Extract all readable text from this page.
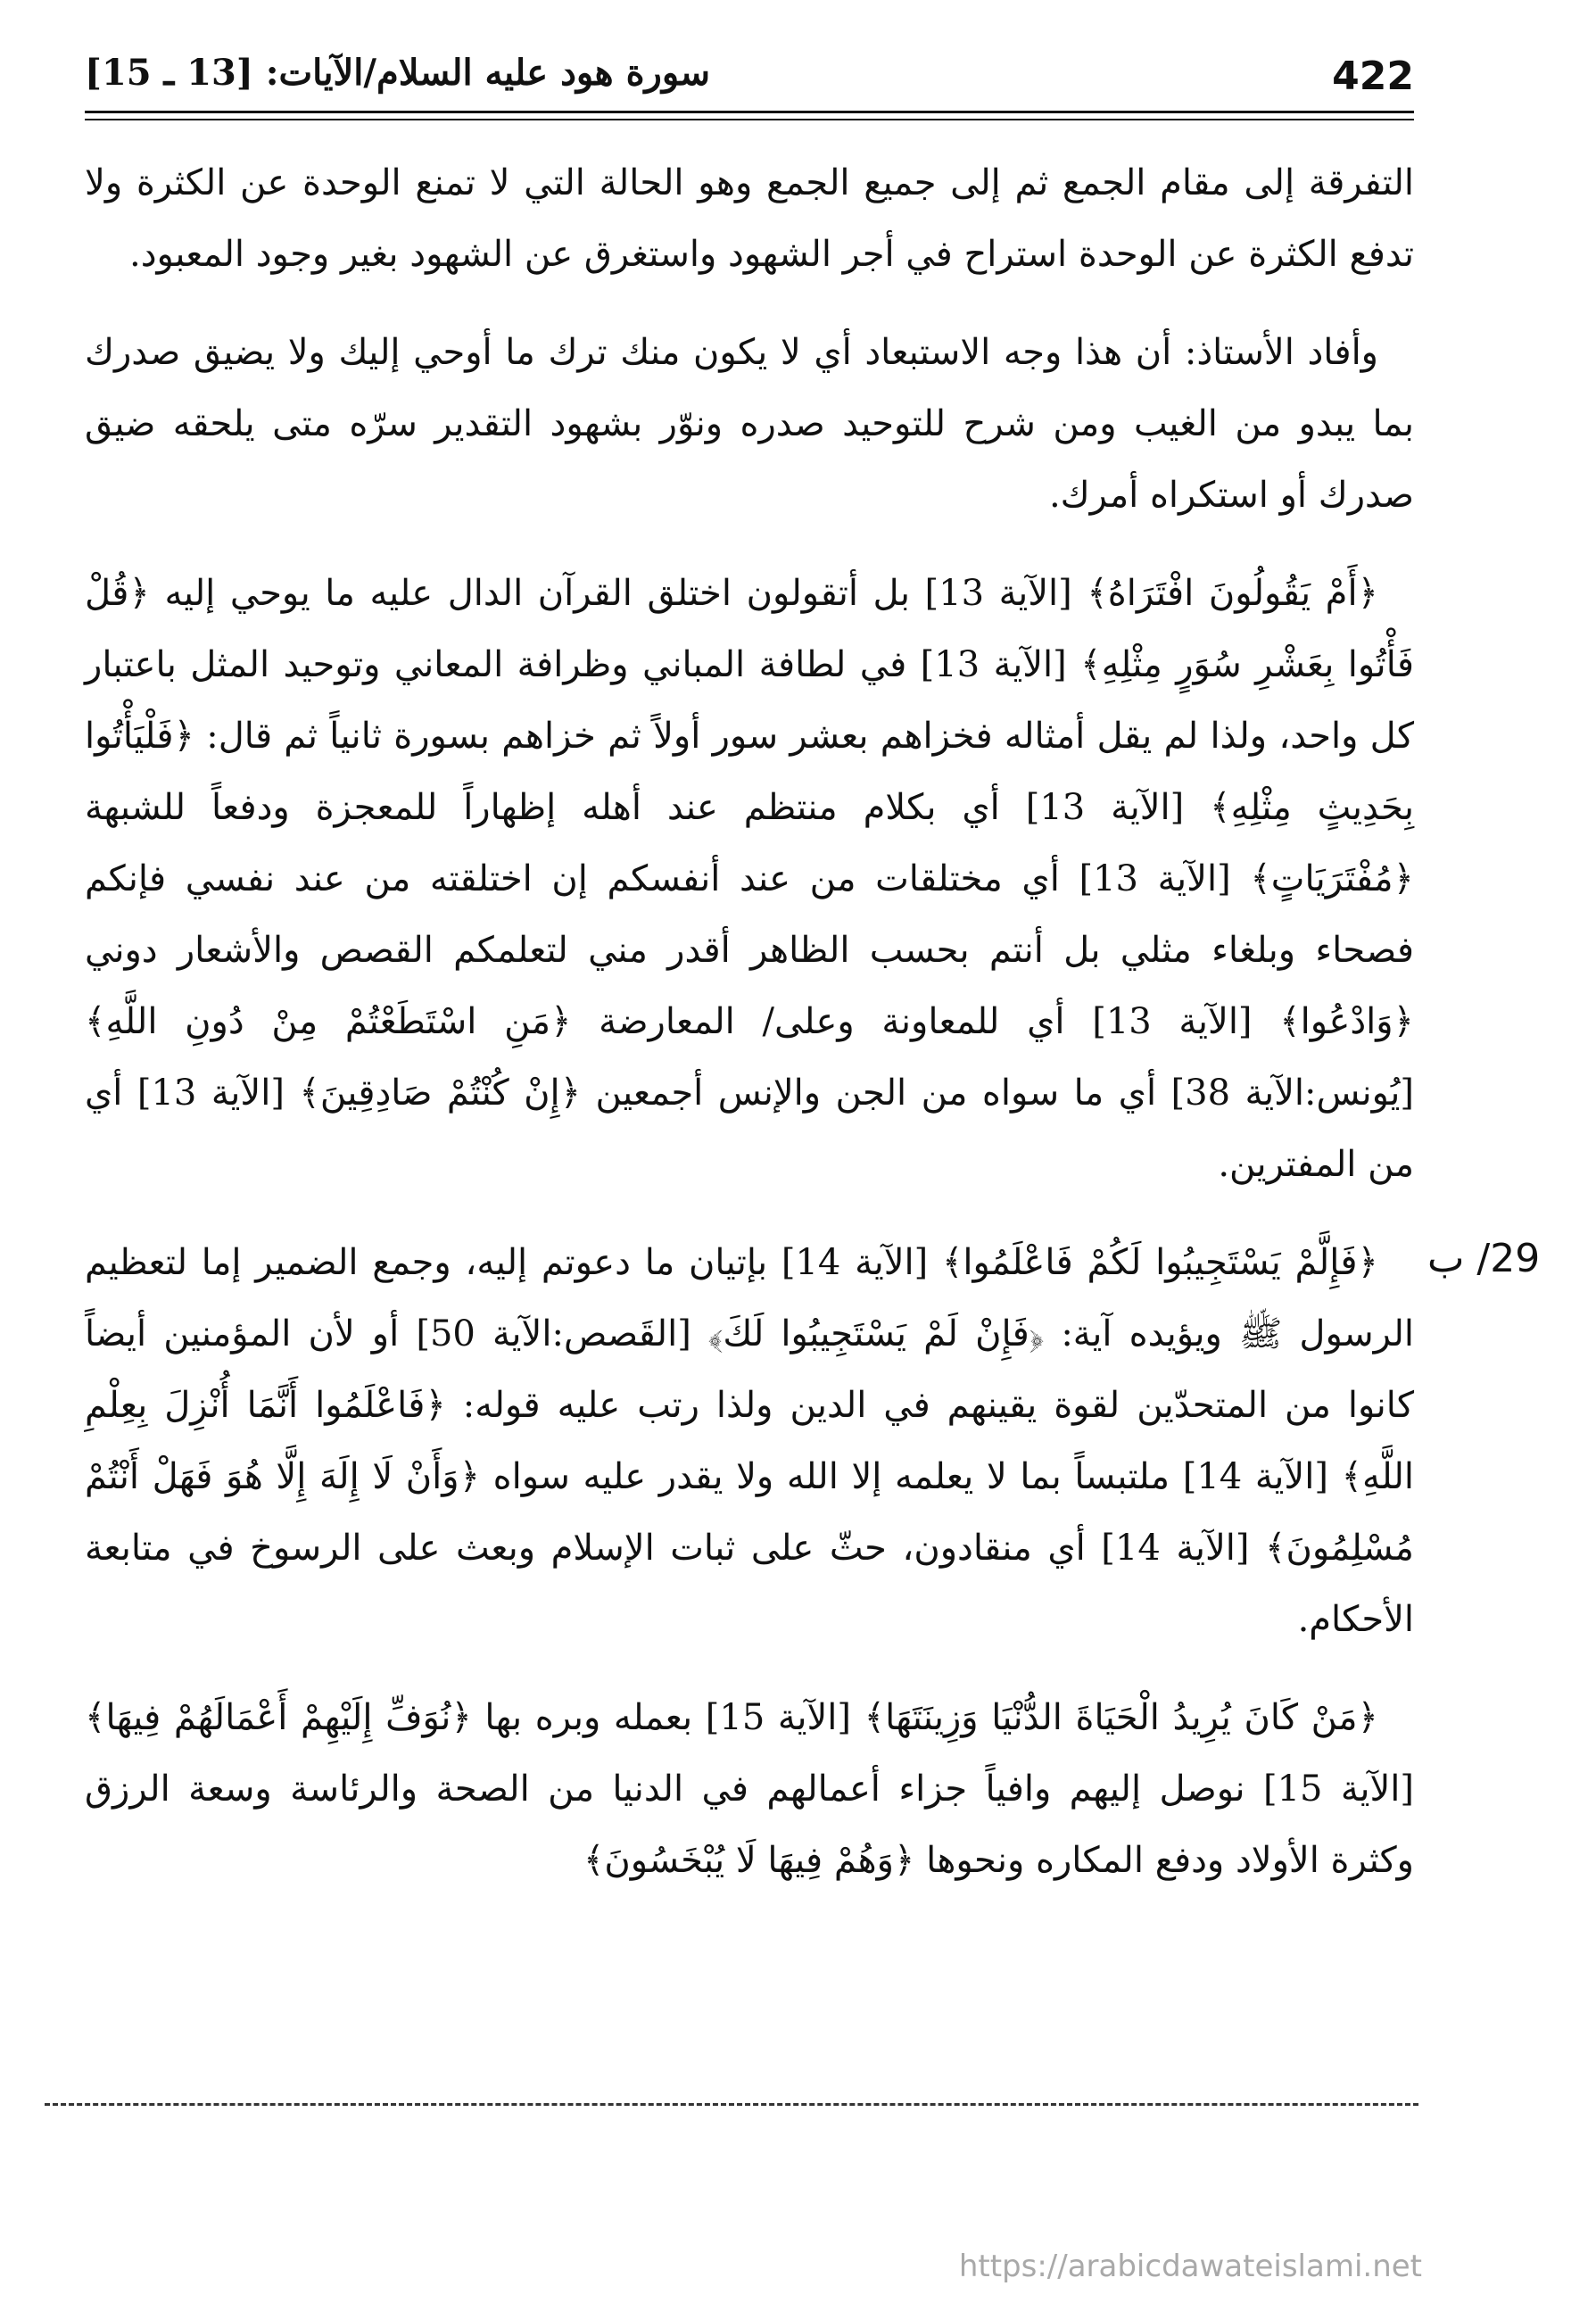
سورة هود عليه السلام/الآيات: [13 ـ 15]	422

التفرقة إلى مقام الجمع ثم إلى جميع الجمع وهو الحالة التي لا تمنع الوحدة عن الكثرة ولا تدفع الكثرة عن الوحدة استراح في أجر الشهود واستغرق عن الشهود بغير وجود المعبود.

وأفاد الأستاذ: أن هذا وجه الاستبعاد أي لا يكون منك ترك ما أوحي إليك ولا يضيق صدرك بما يبدو من الغيب ومن شرح للتوحيد صدره ونوّر بشهود التقدير سرّه متى يلحقه ضيق صدرك أو استكراه أمرك.

﴿أَمْ يَقُولُونَ افْتَرَاهُ﴾ [الآية 13] بل أتقولون اختلق القرآن الدال عليه ما يوحي إليه ﴿قُلْ فَأْتُوا بِعَشْرِ سُوَرٍ مِثْلِهِ﴾ [الآية 13] في لطافة المباني وظرافة المعاني وتوحيد المثل باعتبار كل واحد، ولذا لم يقل أمثاله فخزاهم بعشر سور أولاً ثم خزاهم بسورة ثانياً ثم قال: ﴿فَلْيَأْتُوا بِحَدِيثٍ مِثْلِهِ﴾ [الآية 13] أي بكلام منتظم عند أهله إظهاراً للمعجزة ودفعاً للشبهة ﴿مُفْتَرَيَاتٍ﴾ [الآية 13] أي مختلقات من عند أنفسكم إن اختلقته من عند نفسي فإنكم فصحاء وبلغاء مثلي بل أنتم بحسب الظاهر أقدر مني لتعلمكم القصص والأشعار دوني ﴿وَادْعُوا﴾ [الآية 13] أي للمعاونة وعلى/ المعارضة ﴿مَنِ اسْتَطَعْتُمْ مِنْ دُونِ اللَّهِ﴾ [يُونس:الآية 38] أي ما سواه من الجن والإنس أجمعين ﴿إِنْ كُنْتُمْ صَادِقِينَ﴾ [الآية 13] أي من المفترين.

﴿فَإِلَّمْ يَسْتَجِيبُوا لَكُمْ فَاعْلَمُوا﴾ [الآية 14] بإتيان ما دعوتم إليه، وجمع الضمير إما لتعظيم الرسول ﷺ ويؤيده آية: ﴿فَإِنْ لَمْ يَسْتَجِيبُوا لَكَ﴾ [القَصص:الآية 50] أو لأن المؤمنين أيضاً كانوا من المتحدّين لقوة يقينهم في الدين ولذا رتب عليه قوله: ﴿فَاعْلَمُوا أَنَّمَا أُنْزِلَ بِعِلْمِ اللَّهِ﴾ [الآية 14] ملتبساً بما لا يعلمه إلا الله ولا يقدر عليه سواه ﴿وَأَنْ لَا إِلَهَ إِلَّا هُوَ فَهَلْ أَنْتُمْ مُسْلِمُونَ﴾ [الآية 14] أي منقادون، حثّ على ثبات الإسلام وبعث على الرسوخ في متابعة الأحكام.

﴿مَنْ كَانَ يُرِيدُ الْحَيَاةَ الدُّنْيَا وَزِينَتَهَا﴾ [الآية 15] بعمله وبره بها ﴿نُوَفِّ إِلَيْهِمْ أَعْمَالَهُمْ فِيهَا﴾ [الآية 15] نوصل إليهم وافياً جزاء أعمالهم في الدنيا من الصحة والرئاسة وسعة الرزق وكثرة الأولاد ودفع المكاره ونحوها ﴿وَهُمْ فِيهَا لَا يُبْخَسُونَ﴾

29/ ب
https://arabicdawateislami.net
